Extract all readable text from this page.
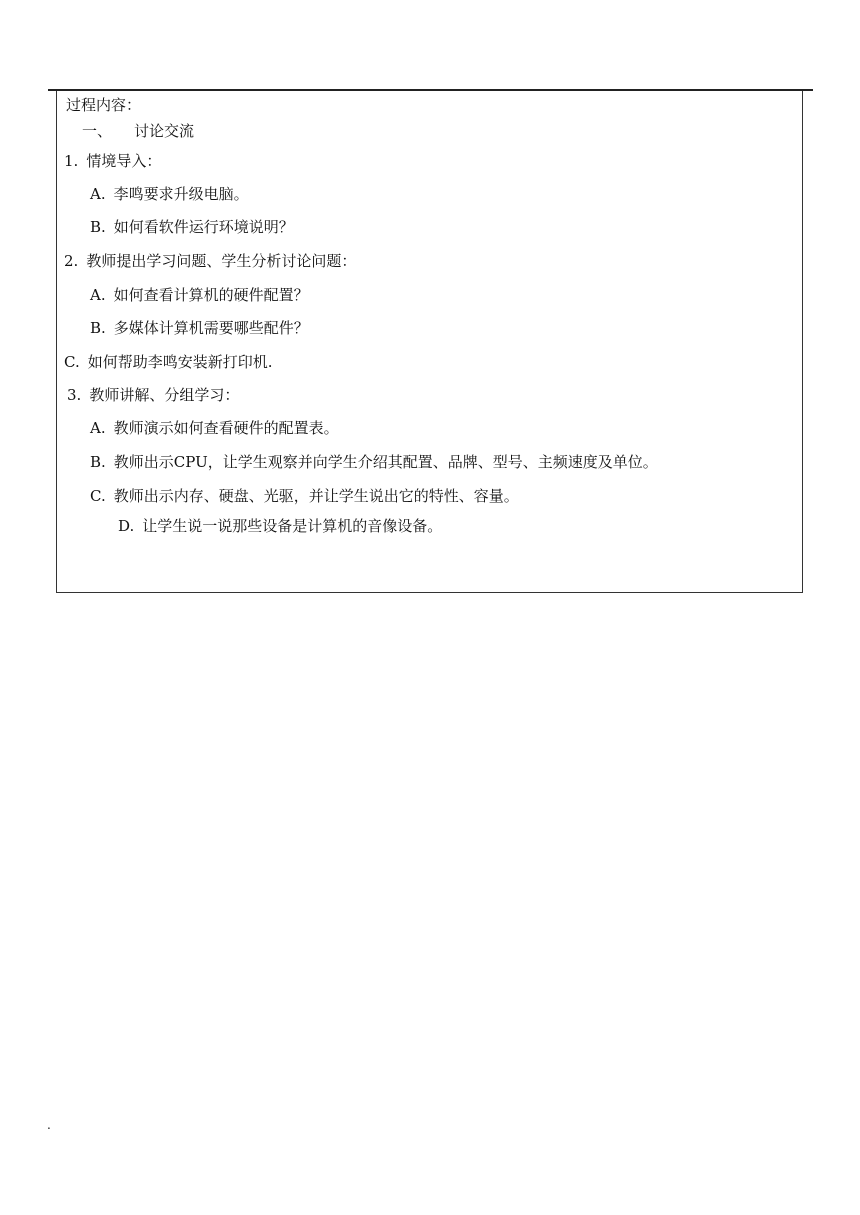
过程内容：
一、 讨论交流
1. 情境导入：
A. 李鸣要求升级电脑。
B. 如何看软件运行环境说明？
2. 教师提出学习问题、学生分析讨论问题：
A. 如何查看计算机的硬件配置？
B. 多媒体计算机需要哪些配件？
C. 如何帮助李鸣安装新打印机.
3. 教师讲解、分组学习：
A. 教师演示如何查看硬件的配置表。
B. 教师出示CPU，让学生观察并向学生介绍其配置、品牌、型号、主频速度及单位。
C. 教师出示内存、硬盘、光驱，并让学生说出它的特性、容量。
D. 让学生说一说那些设备是计算机的音像设备。
.
